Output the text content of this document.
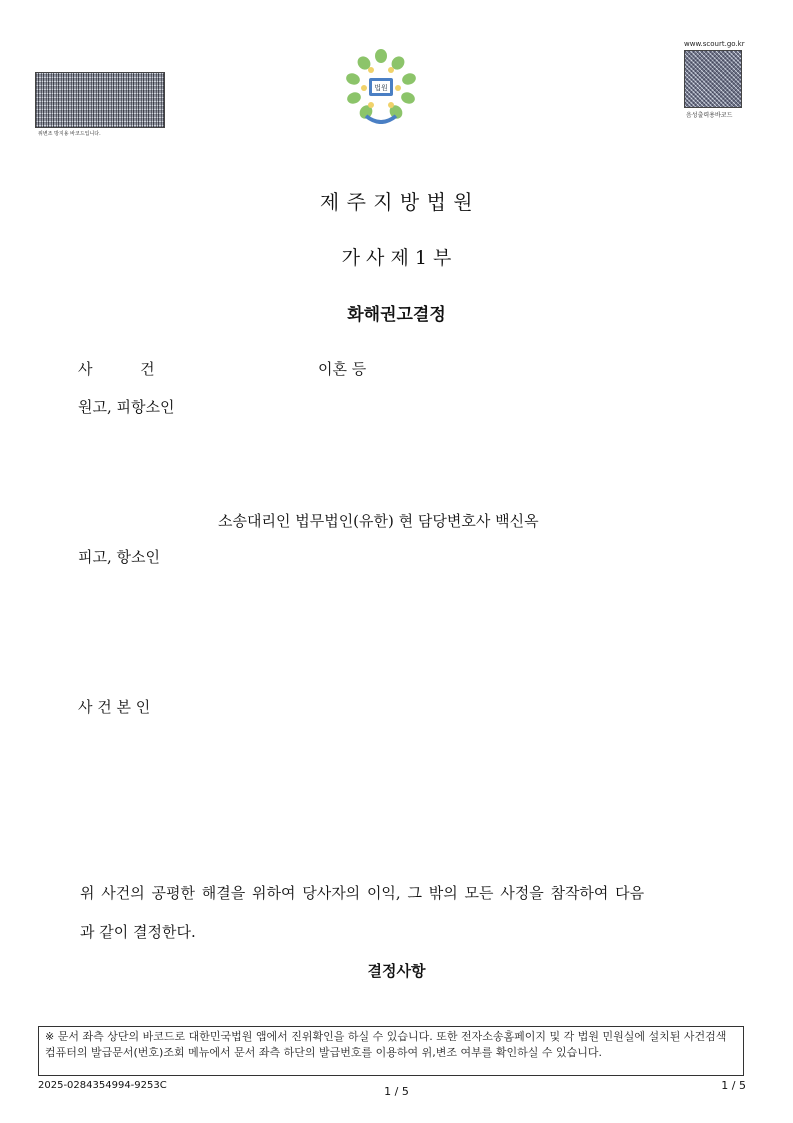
위변조 방지용 바코드입니다.
www.scourt.go.kr
음성출력용바코드
법원
제 주 지 방 법 원
가 사 제 1 부
화해권고결정
사          건	이혼 등
원고, 피항소인
소송대리인 법무법인(유한) 현 담당변호사 백신옥
피고, 항소인
사 건 본 인
위 사건의 공평한 해결을 위하여 당사자의 이익, 그 밖의 모든 사정을 참작하여 다음
과 같이 결정한다.
결정사항
※ 문서 좌측 상단의 바코드로 대한민국법원 앱에서 진위확인을 하실 수 있습니다. 또한 전자소송홈페이지 및 각 법원 민원실에 설치된 사건검색 컴퓨터의 발급문서(번호)조회 메뉴에서 문서 좌측 하단의 발급번호를 이용하여 위,변조 여부를 확인하실 수 있습니다.
2025-0284354994-9253C	1 / 5	1 / 5
